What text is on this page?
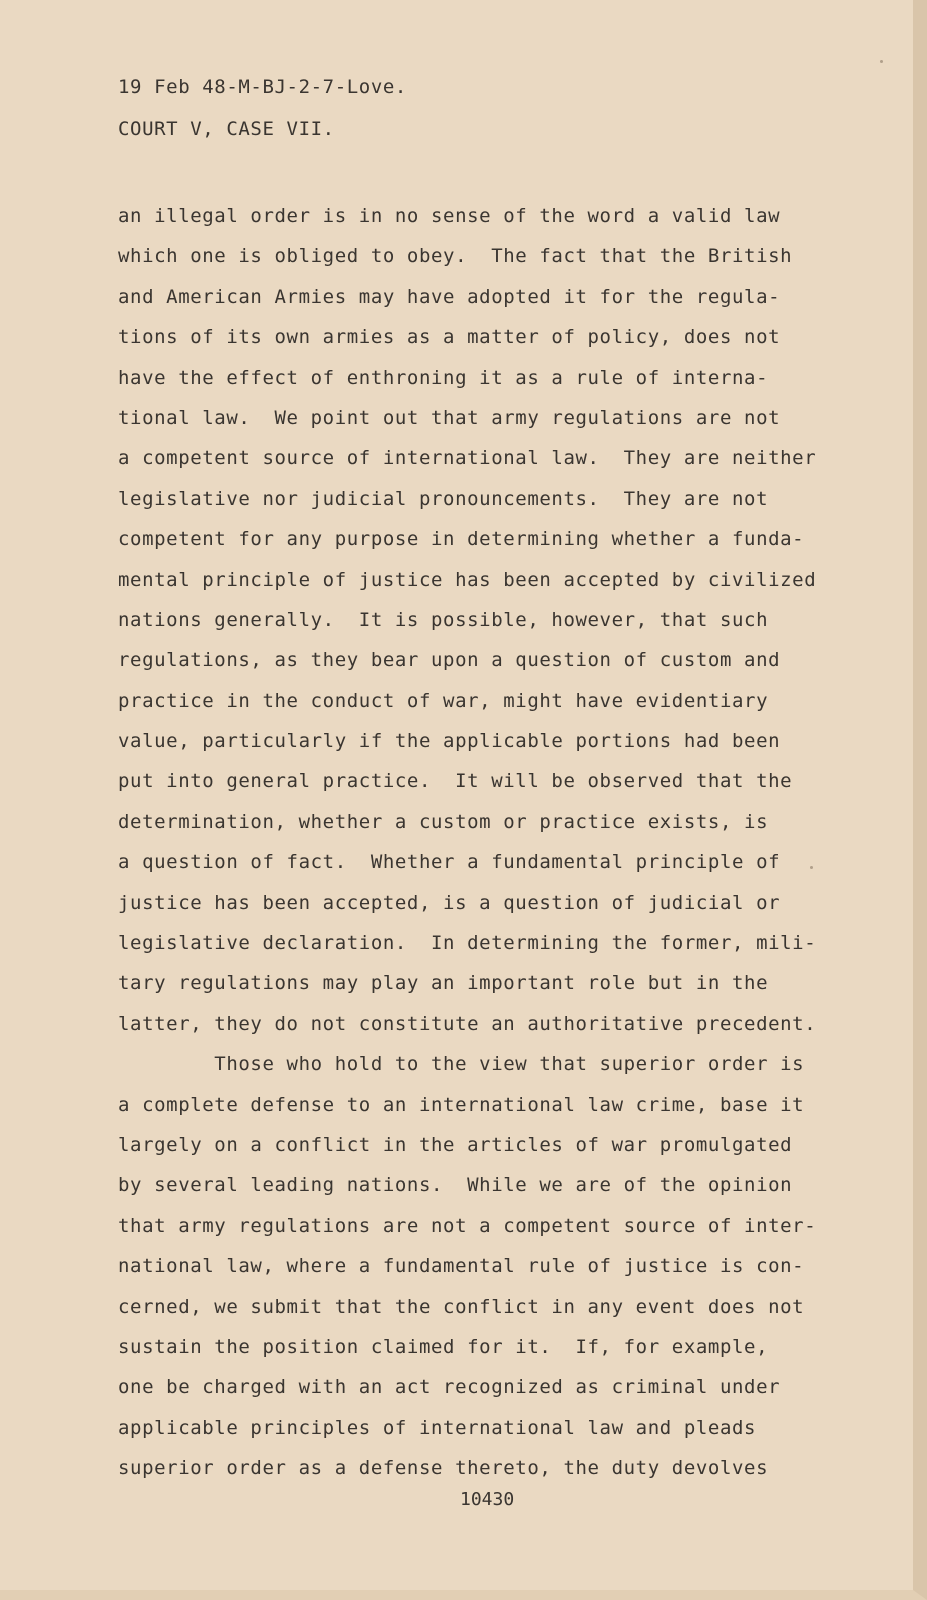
19 Feb 48-M-BJ-2-7-Love.
COURT V, CASE VII.
an illegal order is in no sense of the word a valid law
which one is obliged to obey.  The fact that the British
and American Armies may have adopted it for the regula-
tions of its own armies as a matter of policy, does not
have the effect of enthroning it as a rule of interna-
tional law.  We point out that army regulations are not
a competent source of international law.  They are neither
legislative nor judicial pronouncements.  They are not
competent for any purpose in determining whether a funda-
mental principle of justice has been accepted by civilized
nations generally.  It is possible, however, that such
regulations, as they bear upon a question of custom and
practice in the conduct of war, might have evidentiary
value, particularly if the applicable portions had been
put into general practice.  It will be observed that the
determination, whether a custom or practice exists, is
a question of fact.  Whether a fundamental principle of
justice has been accepted, is a question of judicial or
legislative declaration.  In determining the former, mili-
tary regulations may play an important role but in the
latter, they do not constitute an authoritative precedent.
Those who hold to the view that superior order is
a complete defense to an international law crime, base it
largely on a conflict in the articles of war promulgated
by several leading nations.  While we are of the opinion
that army regulations are not a competent source of inter-
national law, where a fundamental rule of justice is con-
cerned, we submit that the conflict in any event does not
sustain the position claimed for it.  If, for example,
one be charged with an act recognized as criminal under
applicable principles of international law and pleads
superior order as a defense thereto, the duty devolves
10430
